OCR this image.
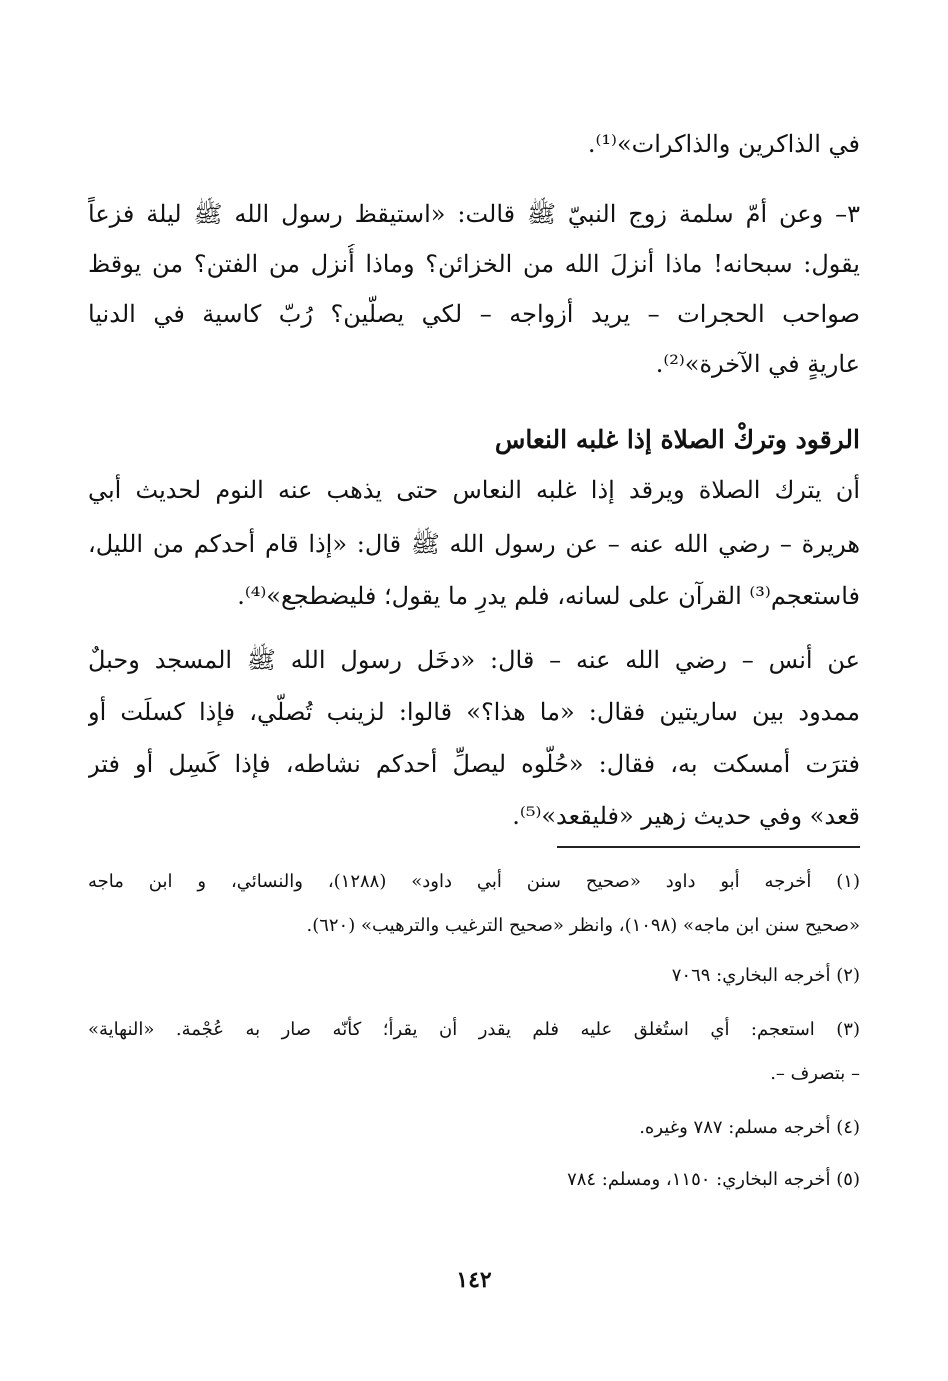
في الذاكرين والذاكرات»⁽¹⁾.
٣– وعن أمّ سلمة زوج النبيّ ﷺ قالت: «استيقظ رسول الله ﷺ ليلة فزعاً
يقول: سبحانه! ماذا أنزلَ الله من الخزائن؟ وماذا أُنزل من الفتن؟ من يوقظ
صواحب الحجرات – يريد أزواجه – لكي يصلّين؟ رُبّ كاسية في الدنيا
عاريةٍ في الآخرة»⁽²⁾.
الرقود وتركْ الصلاة إذا غلبه النعاس
أن يترك الصلاة ويرقد إذا غلبه النعاس حتى يذهب عنه النوم لحديث أبي
هريرة – رضي الله عنه – عن رسول الله ﷺ قال: «إذا قام أحدكم من الليل،
فاستعجم⁽³⁾ القرآن على لسانه، فلم يدرِ ما يقول؛ فليضطجع»⁽⁴⁾.
عن أنس – رضي الله عنه – قال: «دخَل رسول الله ﷺ المسجد وحبلٌ
ممدود بين ساريتين فقال: «ما هذا؟» قالوا: لزينب تُصلّي، فإذا كسلَت أو
فترَت أمسكت به، فقال: «حُلّوه ليصلِّ أحدكم نشاطه، فإذا كَسِل أو فتر
قعد» وفي حديث زهير «فليقعد»⁽⁵⁾.
(١) أخرجه أبو داود «صحيح سنن أبي داود» (١٢٨٨)، والنسائي، و ابن ماجه
«صحيح سنن ابن ماجه» (١٠٩٨)، وانظر «صحيح الترغيب والترهيب» (٦٢٠).
(٢) أخرجه البخاري: ٧٠٦٩
(٣) استعجم: أي استُغلق عليه فلم يقدر أن يقرأ؛ كأنّه صار به عُجْمة. «النهاية»
– بتصرف –.
(٤) أخرجه مسلم: ٧٨٧ وغيره.
(٥) أخرجه البخاري: ١١٥٠، ومسلم: ٧٨٤
١٤٢
